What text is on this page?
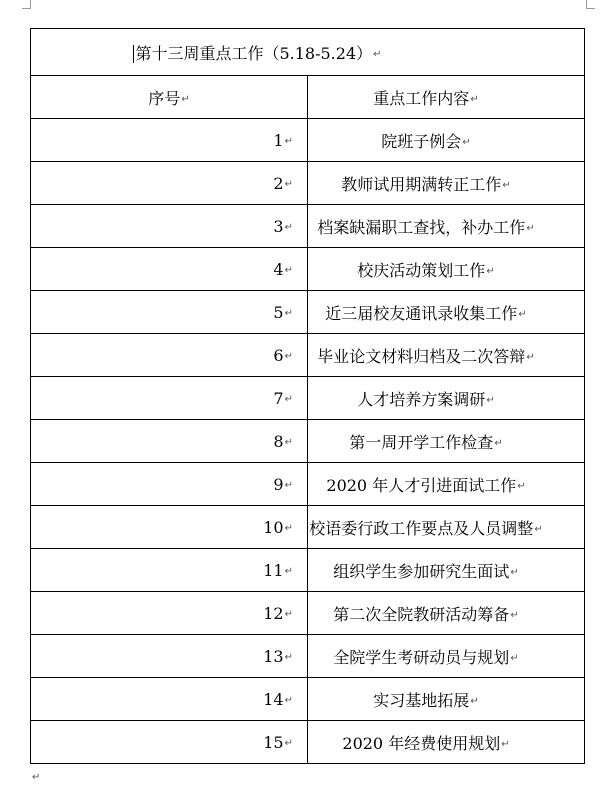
第十三周重点工作（5.18-5.24）↵	
序号↵	重点工作内容↵
1↵	院班子例会↵
2↵	教师试用期满转正工作↵
3↵	档案缺漏职工查找，补办工作↵
4↵	校庆活动策划工作↵
5↵	近三届校友通讯录收集工作↵
6↵	毕业论文材料归档及二次答辩↵
7↵	人才培养方案调研↵
8↵	第一周开学工作检查↵
9↵	2020 年人才引进面试工作↵
10↵	校语委行政工作要点及人员调整↵
11↵	组织学生参加研究生面试↵
12↵	第二次全院教研活动筹备↵
13↵	全院学生考研动员与规划↵
14↵	实习基地拓展↵
15↵	2020 年经费使用规划↵
↵
